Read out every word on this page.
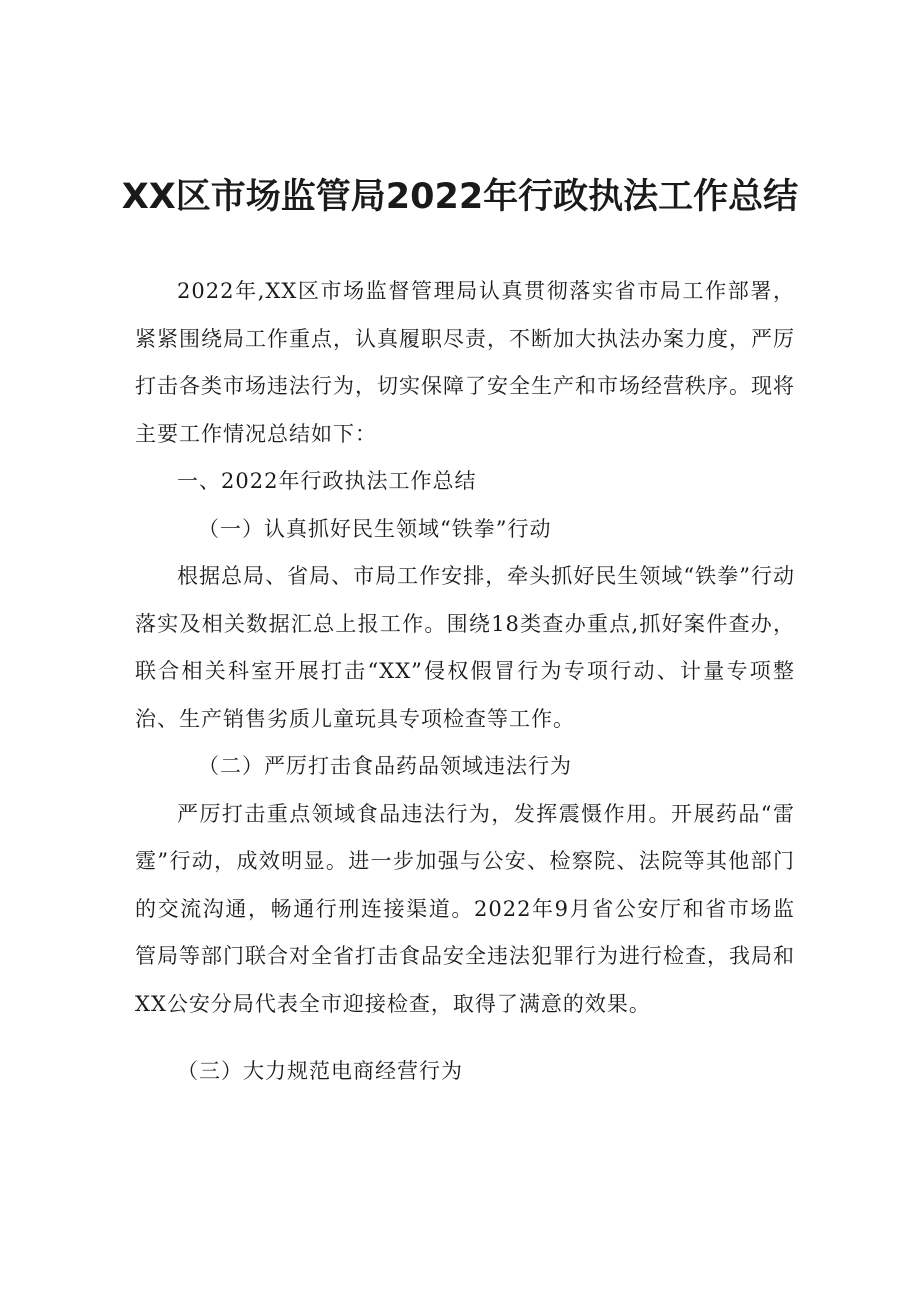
XX区市场监管局2022年行政执法工作总结

2022年,XX区市场监督管理局认真贯彻落实省市局工作部署，紧紧围绕局工作重点，认真履职尽责，不断加大执法办案力度，严厉打击各类市场违法行为，切实保障了安全生产和市场经营秩序。现将主要工作情况总结如下：

一、2022年行政执法工作总结

（一）认真抓好民生领域“铁拳”行动

根据总局、省局、市局工作安排，牵头抓好民生领域“铁拳”行动落实及相关数据汇总上报工作。围绕18类查办重点,抓好案件查办，联合相关科室开展打击“XX”侵权假冒行为专项行动、计量专项整治、生产销售劣质儿童玩具专项检查等工作。

（二）严厉打击食品药品领域违法行为

严厉打击重点领域食品违法行为，发挥震慑作用。开展药品“雷霆”行动，成效明显。进一步加强与公安、检察院、法院等其他部门的交流沟通，畅通行刑连接渠道。2022年9月省公安厅和省市场监管局等部门联合对全省打击食品安全违法犯罪行为进行检查，我局和XX公安分局代表全市迎接检查，取得了满意的效果。

（三）大力规范电商经营行为
